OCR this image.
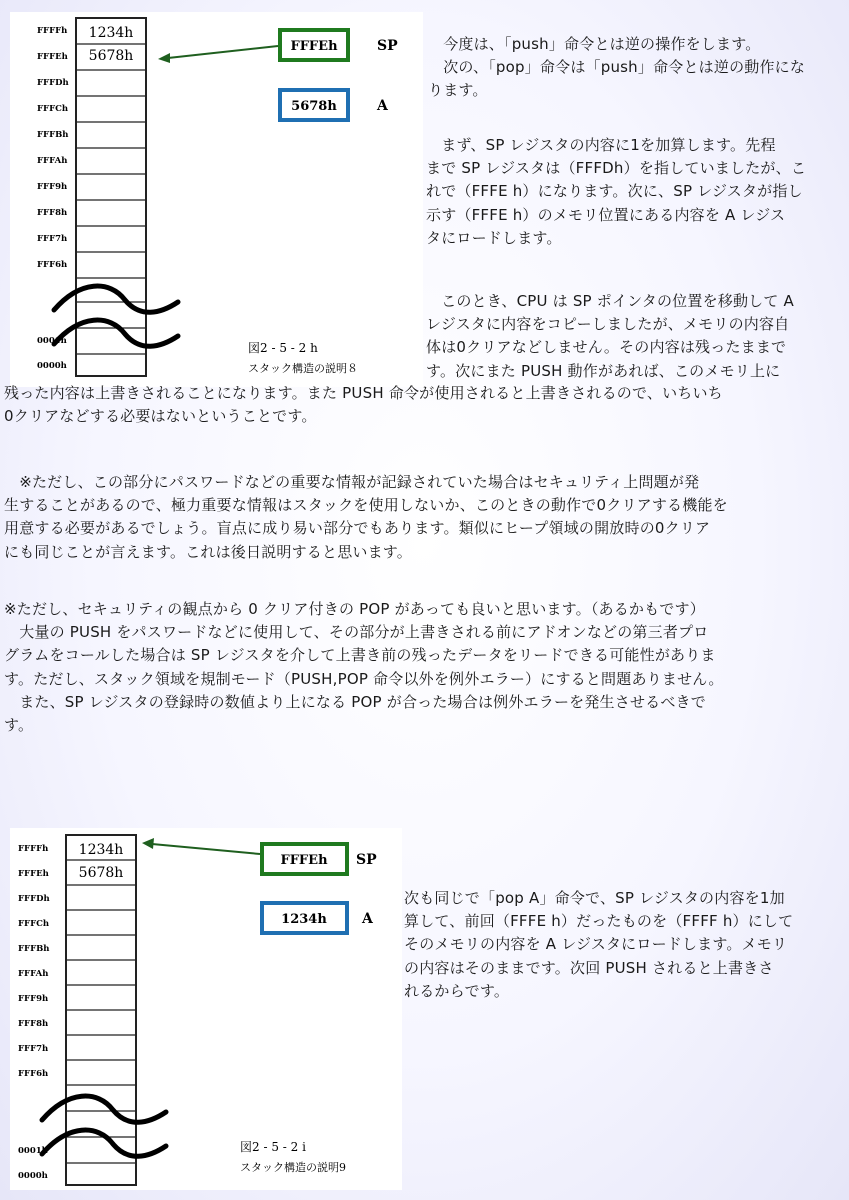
FFFFh
FFFEh
FFFDh
FFFCh
FFFBh
FFFAh
FFF9h
FFF8h
FFF7h
FFF6h
0001h
0000h
1234h
5678h
FFFEh	SP
5678h	A
図2 - 5 - 2 h
スタック構造の説明８
FFFFh
FFFEh
FFFDh
FFFCh
FFFBh
FFFAh
FFF9h
FFF8h
FFF7h
FFF6h
0001h
0000h
1234h
5678h
FFFEh SP
1234h	A
図2 - 5 - 2 i
スタック構造の説明9

　今度は、「push」命令とは逆の操作をします。
　次の、「pop」命令は「push」命令とは逆の動作にな
ります。

　まず、SP レジスタの内容に1を加算します。先程
まで SP レジスタは（FFFDh）を指していましたが、こ
れで（FFFE h）になります。次に、SP レジスタが指し
示す（FFFE h）のメモリ位置にある内容を A レジス
タにロードします。

　このとき、CPU は SP ポインタの位置を移動して A
レジスタに内容をコピーしましたが、メモリの内容自
体は0クリアなどしません。その内容は残ったままで
す。次にまた PUSH 動作があれば、このメモリ上に

残った内容は上書きされることになります。また PUSH 命令が使用されると上書きされるので、いちいち
0クリアなどする必要はないということです。

　※ただし、この部分にパスワードなどの重要な情報が記録されていた場合はセキュリティ上問題が発
生することがあるので、極力重要な情報はスタックを使用しないか、このときの動作で0クリアする機能を
用意する必要があるでしょう。盲点に成り易い部分でもあります。類似にヒープ領域の開放時の0クリア
にも同じことが言えます。これは後日説明すると思います。

※ただし、セキュリティの観点から 0 クリア付きの POP があっても良いと思います。（あるかもです）
　大量の PUSH をパスワードなどに使用して、その部分が上書きされる前にアドオンなどの第三者プロ
グラムをコールした場合は SP レジスタを介して上書き前の残ったデータをリードできる可能性がありま
す。ただし、スタック領域を規制モード（PUSH,POP 命令以外を例外エラー）にすると問題ありません。
　また、SP レジスタの登録時の数値より上になる POP が合った場合は例外エラーを発生させるべきで
す。

次も同じで「pop A」命令で、SP レジスタの内容を1加
算して、前回（FFFE h）だったものを（FFFF h）にして
そのメモリの内容を A レジスタにロードします。メモリ
の内容はそのままです。次回 PUSH されると上書きさ
れるからです。
